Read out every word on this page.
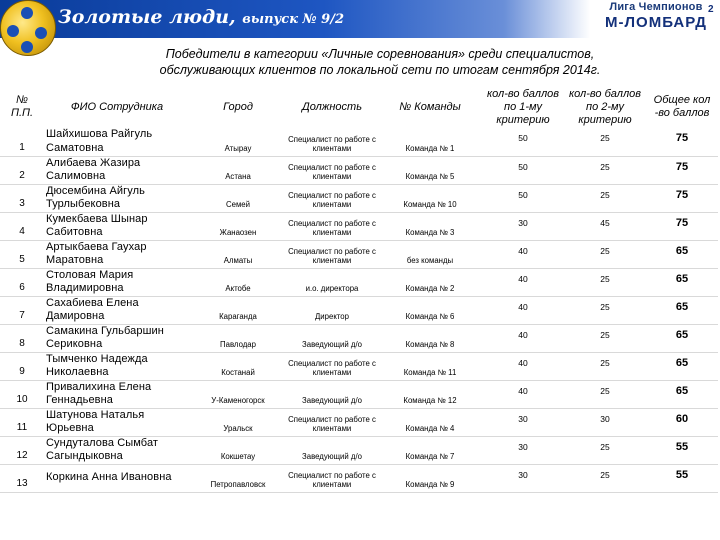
Золотые люди, выпуск № 9/2
Лига Чемпионов
М-ЛОМБАРД
2
Победители в категории «Личные соревнования» среди специалистов,
обслуживающих клиентов по локальной сети по итогам сентября 2014г.
№
П.П.	ФИО Сотрудника	Город	Должность	№ Команды	кол-во баллов по 1-му критерию	кол-во баллов по 2-му критерию	Общее кол -во баллов
1	Шайхишова Райгуль Саматовна	Атырау	Специалист по работе с клиентами	Команда № 1	50	25	75
2	Алибаева Жазира Салимовна	Астана	Специалист по работе с клиентами	Команда № 5	50	25	75
3	Дюсембина Айгуль Турлыбековна	Семей	Специалист по работе с клиентами	Команда № 10	50	25	75
4	Кумекбаева Шынар Сабитовна	Жанаозен	Специалист по работе с клиентами	Команда № 3	30	45	75
5	Артыкбаева Гаухар Маратовна	Алматы	Специалист по работе с клиентами	без команды	40	25	65
6	Столовая Мария Владимировна	Актобе	и.о. директора	Команда № 2	40	25	65
7	Сахабиева Елена Дамировна	Караганда	Директор	Команда № 6	40	25	65
8	Самакина Гульбаршин Сериковна	Павлодар	Заведующий д/о	Команда № 8	40	25	65
9	Тымченко Надежда Николаевна	Костанай	Специалист по работе с клиентами	Команда № 11	40	25	65
10	Привалихина Елена Геннадьевна	У-Каменогорск	Заведующий д/о	Команда № 12	40	25	65
11	Шатунова Наталья Юрьевна	Уральск	Специалист по работе с клиентами	Команда № 4	30	30	60
12	Сундуталова Сымбат Сагындыковна	Кокшетау	Заведующий д/о	Команда № 7	30	25	55
13	Коркина Анна Ивановна	Петропавловск	Специалист по работе с клиентами	Команда № 9	30	25	55
